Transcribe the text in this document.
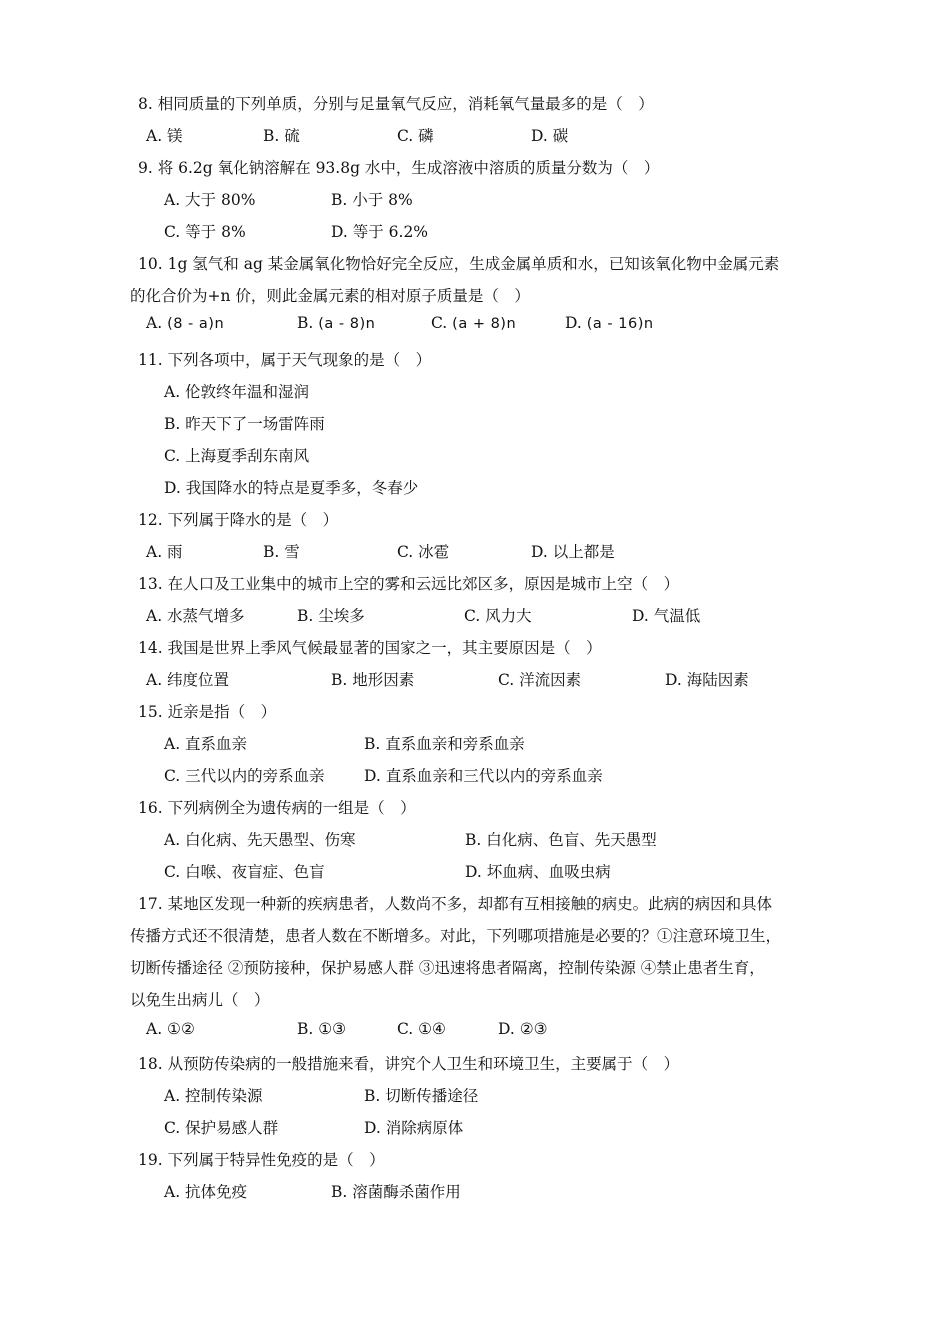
8. 相同质量的下列单质，分别与足量氧气反应，消耗氧气量最多的是（　）
A. 镁	B. 硫	C. 磷	D. 碳
9. 将 6.2g 氧化钠溶解在 93.8g 水中，生成溶液中溶质的质量分数为（　）
A. 大于 80%	B. 小于 8%
C. 等于 8%	D. 等于 6.2%
10. 1g 氢气和 ag 某金属氧化物恰好完全反应，生成金属单质和水，已知该氧化物中金属元素
的化合价为+n 价，则此金属元素的相对原子质量是（　）
A. (8 - a)n	B. (a - 8)n	C. (a + 8)n	D. (a - 16)n
11. 下列各项中，属于天气现象的是（　）
A. 伦敦终年温和湿润
B. 昨天下了一场雷阵雨
C. 上海夏季刮东南风
D. 我国降水的特点是夏季多，冬春少
12. 下列属于降水的是（　）
A. 雨	B. 雪	C. 冰雹	D. 以上都是
13. 在人口及工业集中的城市上空的雾和云远比郊区多，原因是城市上空（　）
A. 水蒸气增多	B. 尘埃多	C. 风力大	D. 气温低
14. 我国是世界上季风气候最显著的国家之一，其主要原因是（　）
A. 纬度位置	B. 地形因素	C. 洋流因素	D. 海陆因素
15. 近亲是指（　）
A. 直系血亲	B. 直系血亲和旁系血亲
C. 三代以内的旁系血亲	D. 直系血亲和三代以内的旁系血亲
16. 下列病例全为遗传病的一组是（　）
A. 白化病、先天愚型、伤寒	B. 白化病、色盲、先天愚型
C. 白喉、夜盲症、色盲	D. 坏血病、血吸虫病
17. 某地区发现一种新的疾病患者，人数尚不多，却都有互相接触的病史。此病的病因和具体
传播方式还不很清楚，患者人数在不断增多。对此，下列哪项措施是必要的？①注意环境卫生，
切断传播途径 ②预防接种，保护易感人群 ③迅速将患者隔离，控制传染源 ④禁止患者生育，
以免生出病儿（　）
A. ①②	B. ①③	C. ①④	D. ②③
18. 从预防传染病的一般措施来看，讲究个人卫生和环境卫生，主要属于（　）
A. 控制传染源	B. 切断传播途径
C. 保护易感人群	D. 消除病原体
19. 下列属于特异性免疫的是（　）
A. 抗体免疫	B. 溶菌酶杀菌作用
